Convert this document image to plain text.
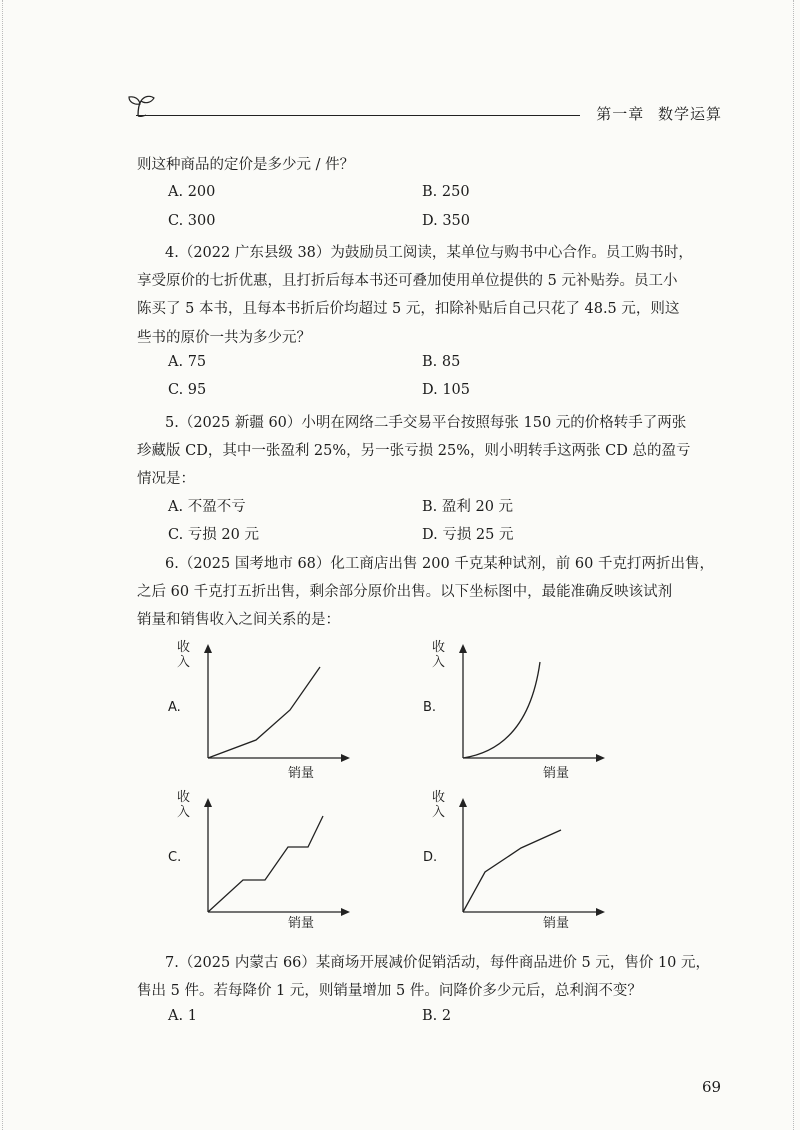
第一章 数学运算
则这种商品的定价是多少元 / 件？
A. 200	B. 250
C. 300	D. 350
4.（2022 广东县级 38）为鼓励员工阅读，某单位与购书中心合作。员工购书时，
享受原价的七折优惠，且打折后每本书还可叠加使用单位提供的 5 元补贴券。员工小
陈买了 5 本书，且每本书折后价均超过 5 元，扣除补贴后自己只花了 48.5 元，则这
些书的原价一共为多少元？
A. 75	B. 85
C. 95	D. 105
5.（2025 新疆 60）小明在网络二手交易平台按照每张 150 元的价格转手了两张
珍藏版 CD，其中一张盈利 25%，另一张亏损 25%，则小明转手这两张 CD 总的盈亏
情况是：
A. 不盈不亏	B. 盈利 20 元
C. 亏损 20 元	D. 亏损 25 元
6.（2025 国考地市 68）化工商店出售 200 千克某种试剂，前 60 千克打两折出售，
之后 60 千克打五折出售，剩余部分原价出售。以下坐标图中，最能准确反映该试剂
销量和销售收入之间关系的是：
收入
A.
销量
收入
B.
销量
收入
C.
销量
收入
D.
销量
7.（2025 内蒙古 66）某商场开展减价促销活动，每件商品进价 5 元，售价 10 元，
售出 5 件。若每降价 1 元，则销量增加 5 件。问降价多少元后，总利润不变？
A. 1	B. 2
69
